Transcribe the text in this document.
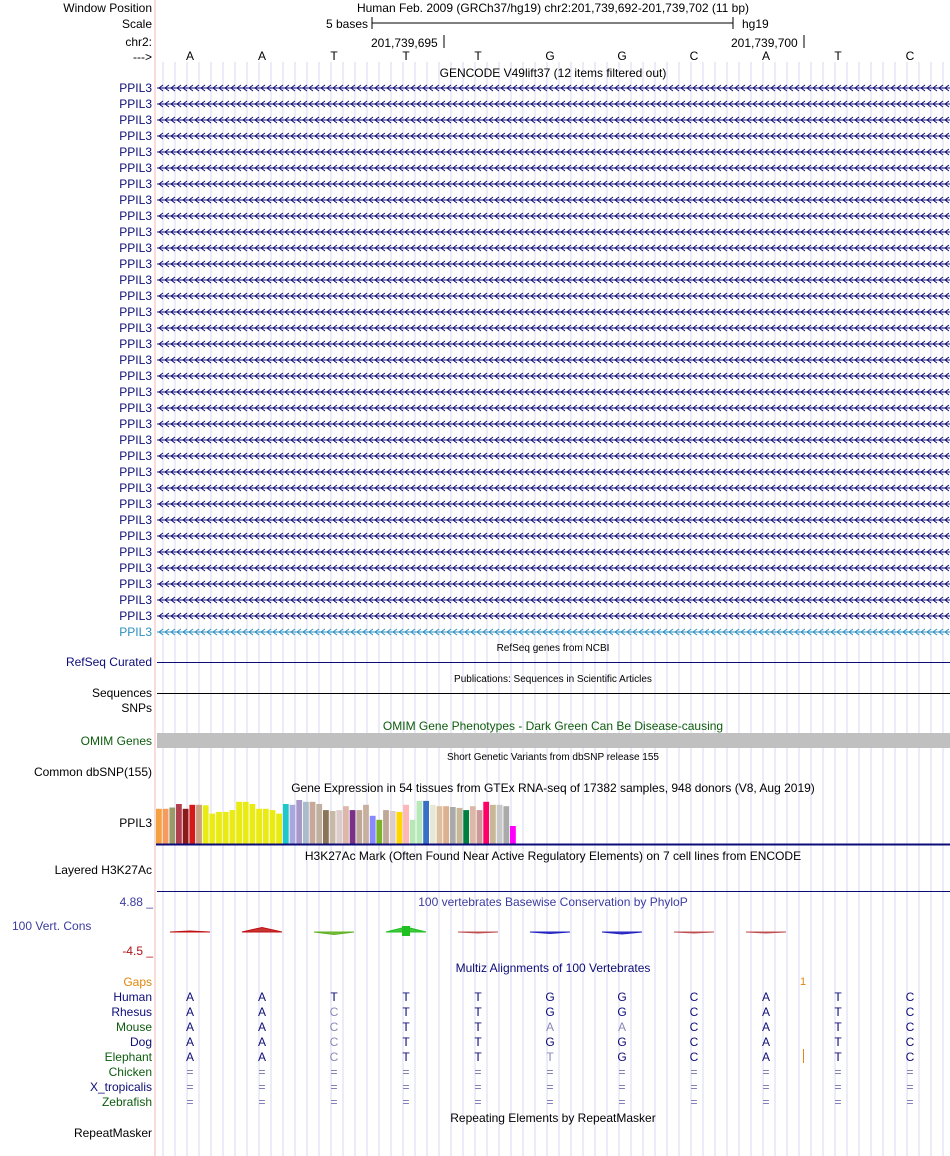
Window Position
Scale
chr2:
--->
Human Feb. 2009 (GRCh37/hg19) chr2:201,739,692-201,739,702 (11 bp)
5 bases	hg19
201,739,695	201,739,700
A	A	T	T	T	G	G	C	A	T	C
GENCODE V49lift37 (12 items filtered out)
PPIL3
PPIL3
PPIL3
PPIL3
PPIL3
PPIL3
PPIL3
PPIL3
PPIL3
PPIL3
PPIL3
PPIL3
PPIL3
PPIL3
PPIL3
PPIL3
PPIL3
PPIL3
PPIL3
PPIL3
PPIL3
PPIL3
PPIL3
PPIL3
PPIL3
PPIL3
PPIL3
PPIL3
PPIL3
PPIL3
PPIL3
PPIL3
PPIL3
PPIL3
PPIL3
RefSeq genes from NCBI
RefSeq Curated
Publications: Sequences in Scientific Articles
Sequences
SNPs
OMIM Gene Phenotypes - Dark Green Can Be Disease-causing
OMIM Genes
Short Genetic Variants from dbSNP release 155
Common dbSNP(155)
Gene Expression in 54 tissues from GTEx RNA-seq of 17382 samples, 948 donors (V8, Aug 2019)
PPIL3
H3K27Ac Mark (Often Found Near Active Regulatory Elements) on 7 cell lines from ENCODE
Layered H3K27Ac
100 vertebrates Basewise Conservation by PhyloP
4.88 _
100 Vert. Cons
-4.5 _
Multiz Alignments of 100 Vertebrates
Gaps	1
Human	A	A	T	T	T	G	G	C	A	T	C
Rhesus	A	A	C	T	T	G	G	C	A	T	C
Mouse	A	A	C	T	T	A	A	C	A	T	C
Dog	A	A	C	T	T	G	G	C	A	T	C
Elephant	A	A	C	T	T	T	G	C	A	T	C
Chicken	=	=	=	=	=	=	=	=	=	=	=
X_tropicalis	=	=	=	=	=	=	=	=	=	=	=
Zebrafish	=	=	=	=	=	=	=	=	=	=	=
Repeating Elements by RepeatMasker
RepeatMasker
